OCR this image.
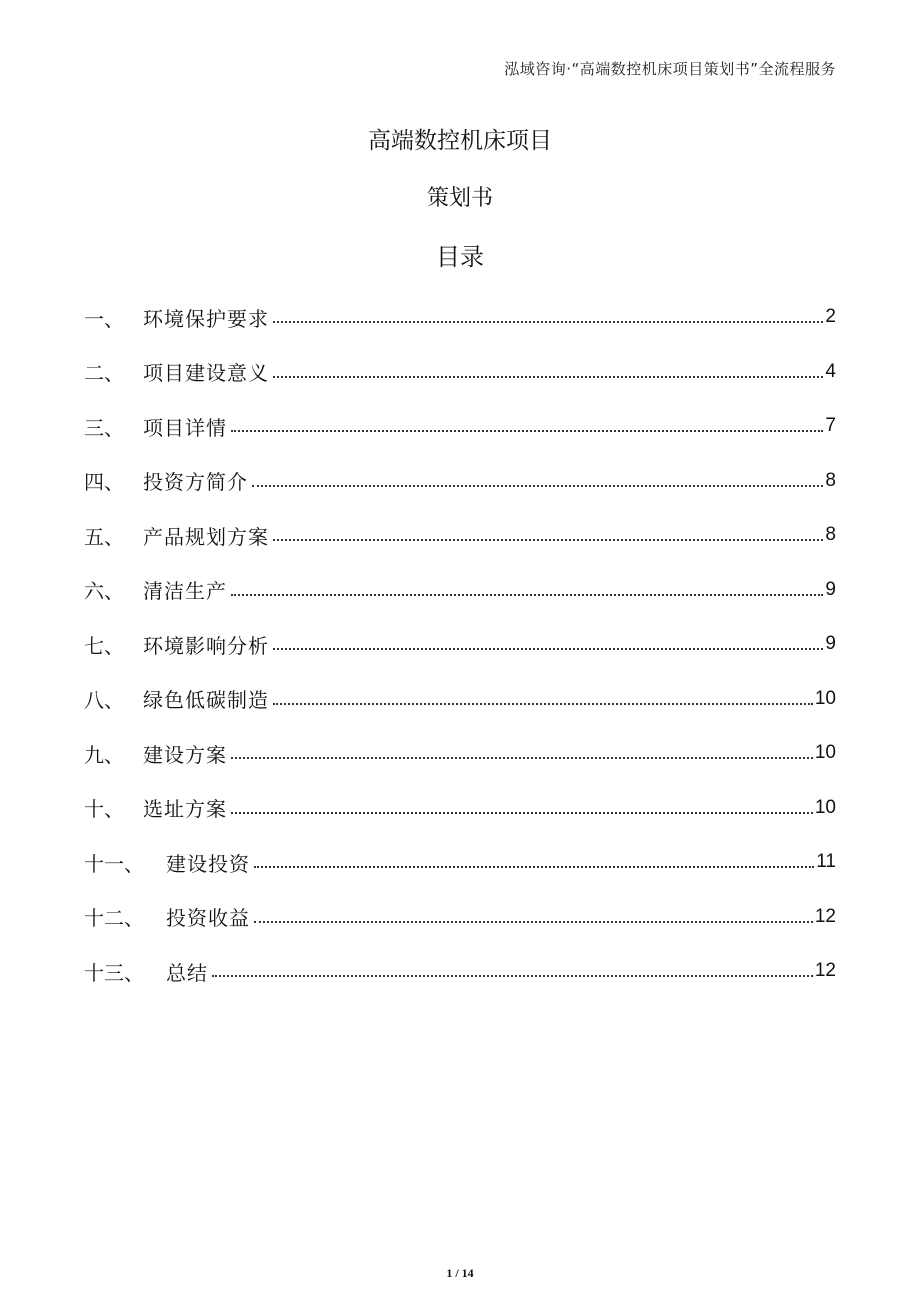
泓域咨询·“高端数控机床项目策划书”全流程服务
高端数控机床项目
策划书
目录
一、 环境保护要求	2
二、 项目建设意义	4
三、 项目详情	7
四、 投资方简介	8
五、 产品规划方案	8
六、 清洁生产	9
七、 环境影响分析	9
八、 绿色低碳制造	10
九、 建设方案	10
十、 选址方案	10
十一、	建设投资	11
十二、	投资收益	12
十三、	总结	12
1 / 14
